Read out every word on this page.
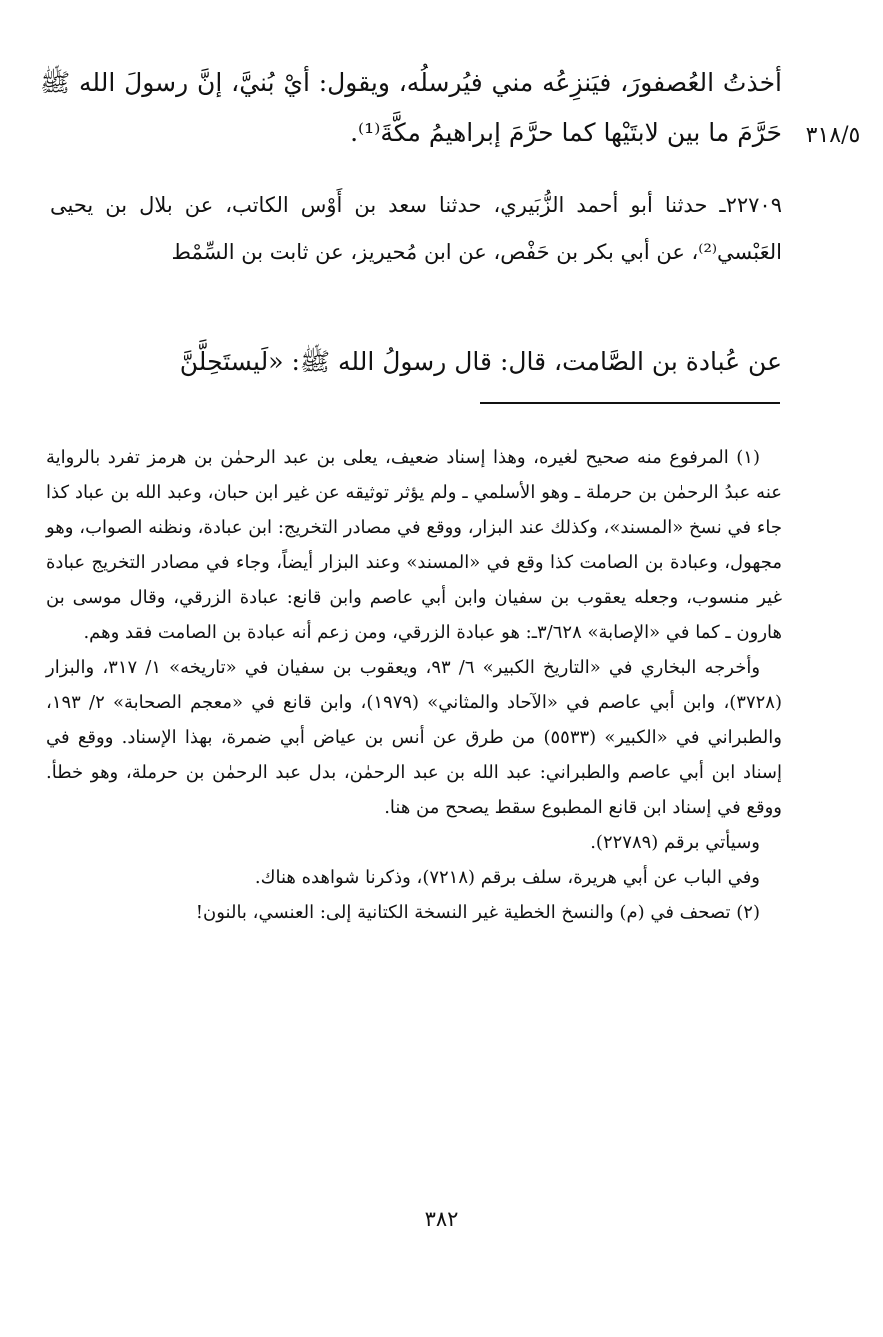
أخذتُ العُصفورَ، فيَنزِعُه مني فيُرسلُه، ويقول: أيْ بُنيَّ، إنَّ رسولَ الله ﷺ حَرَّمَ ما بين لابتَيْها كما حرَّمَ إبراهيمُ مكَّةَ⁽¹⁾.	٣١٨/٥
٢٢٧٠٩ـ حدثنا أبو أحمد الزُّبَيري، حدثنا سعد بن أَوْس الكاتب، عن بلال بن يحيى العَبْسي⁽²⁾، عن أبي بكر بن حَفْص، عن ابن مُحيريز، عن ثابت بن السِّمْط
عن عُبادة بن الصَّامت، قال: قال رسولُ الله ﷺ: «لَيستَحِلَّنَّ

(١) المرفوع منه صحيح لغيره، وهذا إسناد ضعيف، يعلى بن عبد الرحمٰن بن هرمز تفرد بالرواية عنه عبدُ الرحمٰن بن حرملة ـ وهو الأسلمي ـ ولم يؤثر توثيقه عن غير ابن حبان، وعبد الله بن عباد كذا جاء في نسخ «المسند»، وكذلك عند البزار، ووقع في مصادر التخريج: ابن عبادة، ونظنه الصواب، وهو مجهول، وعبادة بن الصامت كذا وقع في «المسند» وعند البزار أيضاً، وجاء في مصادر التخريج عبادة غير منسوب، وجعله يعقوب بن سفيان وابن أبي عاصم وابن قانع: عبادة الزرقي، وقال موسى بن هارون ـ كما في «الإصابة» ٣/٦٢٨ـ: هو عبادة الزرقي، ومن زعم أنه عبادة بن الصامت فقد وهم.

وأخرجه البخاري في «التاريخ الكبير» ٦/ ٩٣، ويعقوب بن سفيان في «تاريخه» ١/ ٣١٧، والبزار (٣٧٢٨)، وابن أبي عاصم في «الآحاد والمثاني» (١٩٧٩)، وابن قانع في «معجم الصحابة» ٢/ ١٩٣، والطبراني في «الكبير» (٥٥٣٣) من طرق عن أنس بن عياض أبي ضمرة، بهذا الإسناد. ووقع في إسناد ابن أبي عاصم والطبراني: عبد الله بن عبد الرحمٰن، بدل عبد الرحمٰن بن حرملة، وهو خطأ. ووقع في إسناد ابن قانع المطبوع سقط يصحح من هنا.

وسيأتي برقم (٢٢٧٨٩).

وفي الباب عن أبي هريرة، سلف برقم (٧٢١٨)، وذكرنا شواهده هناك.

(٢) تصحف في (م) والنسخ الخطية غير النسخة الكتانية إلى: العنسي، بالنون!

٣٨٢
